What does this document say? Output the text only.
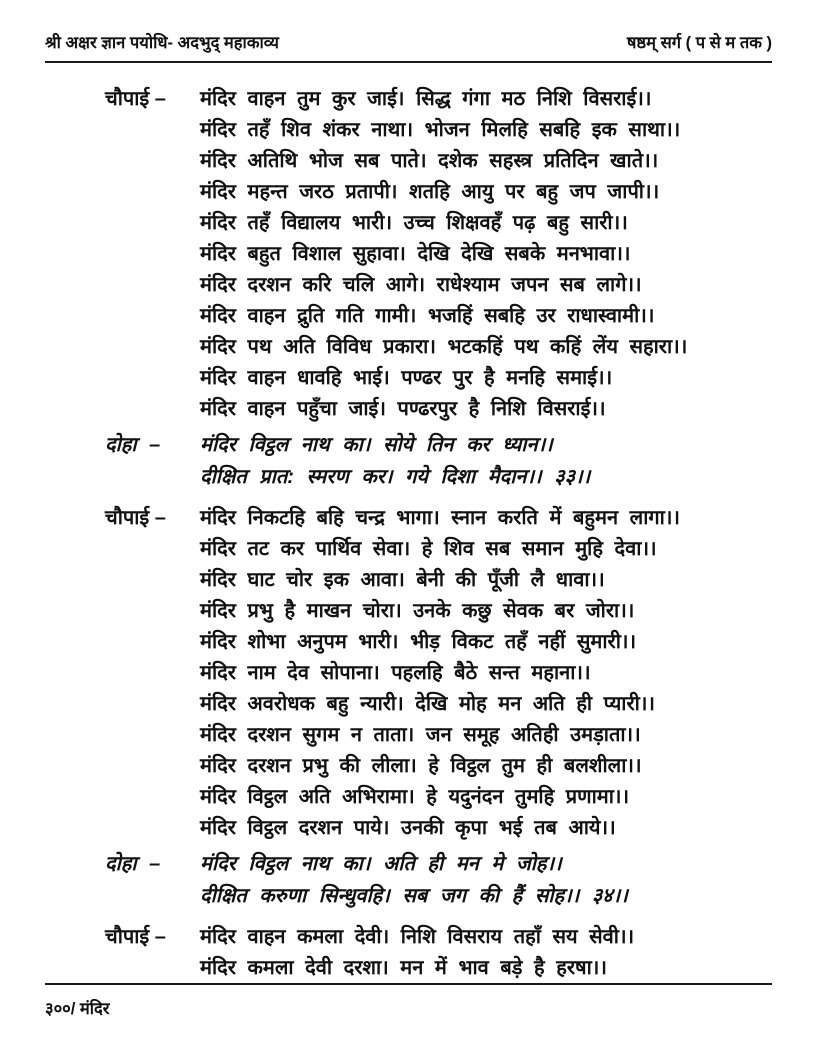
श्री अक्षर ज्ञान पयोधि- अदभुद् महाकाव्य	षष्ठम् सर्ग ( प से म तक )
चौपाई –	मंदिर वाहन तुम कुर जाई। सिद्ध गंगा मठ निशि विसराई।।
मंदिर तहँ शिव शंकर नाथा। भोजन मिलहि सबहि इक साथा।।
मंदिर अतिथि भोज सब पाते। दशेक सहस्त्र प्रतिदिन खाते।।
मंदिर महन्त जरठ प्रतापी। शतहि आयु पर बहु जप जापी।।
मंदिर तहँ विद्यालय भारी। उच्च शिक्षवहँ पढ़ बहु सारी।।
मंदिर बहुत विशाल सुहावा। देखि देखि सबके मनभावा।।
मंदिर दरशन करि चलि आगे। राधेश्याम जपन सब लागे।।
मंदिर वाहन द्रुति गति गामी। भजहिं सबहि उर राधास्वामी।।
मंदिर पथ अति विविध प्रकारा। भटकहिं पथ कहिं लेंय सहारा।।
मंदिर वाहन धावहि भाई। पण्ढर पुर है मनहि समाई।।
मंदिर वाहन पहुँचा जाई। पण्ढरपुर है निशि विसराई।।
दोहा –	मंदिर विट्ठल नाथ का। सोये तिन कर ध्यान।।
दीक्षित प्रात: स्मरण कर। गये दिशा मैदान।। ३३।।
चौपाई –	मंदिर निकटहि बहि चन्द्र भागा। स्नान करति में बहुमन लागा।।
मंदिर तट कर पार्थिव सेवा। हे शिव सब समान मुहि देवा।।
मंदिर घाट चोर इक आवा। बेनी की पूँजी लै धावा।।
मंदिर प्रभु है माखन चोरा। उनके कछु सेवक बर जोरा।।
मंदिर शोभा अनुपम भारी। भीड़ विकट तहँ नहीं सुमारी।।
मंदिर नाम देव सोपाना। पहलहि बैठे सन्त महाना।।
मंदिर अवरोधक बहु न्यारी। देखि मोह मन अति ही प्यारी।।
मंदिर दरशन सुगम न ताता। जन समूह अतिही उमड़ाता।।
मंदिर दरशन प्रभु की लीला। हे विट्ठल तुम ही बलशीला।।
मंदिर विट्ठल अति अभिरामा। हे यदुनंदन तुमहि प्रणामा।।
मंदिर विट्ठल दरशन पाये। उनकी कृपा भई तब आये।।
दोहा –	मंदिर विट्ठल नाथ का। अति ही मन मे जोह।।
दीक्षित करुणा सिन्धुवहि। सब जग की हैं सोह।। ३४।।
चौपाई –	मंदिर वाहन कमला देवी। निशि विसराय तहाँ सय सेवी।।
मंदिर कमला देवी दरशा। मन में भाव बड़े है हरषा।।
३००/ मंदिर
